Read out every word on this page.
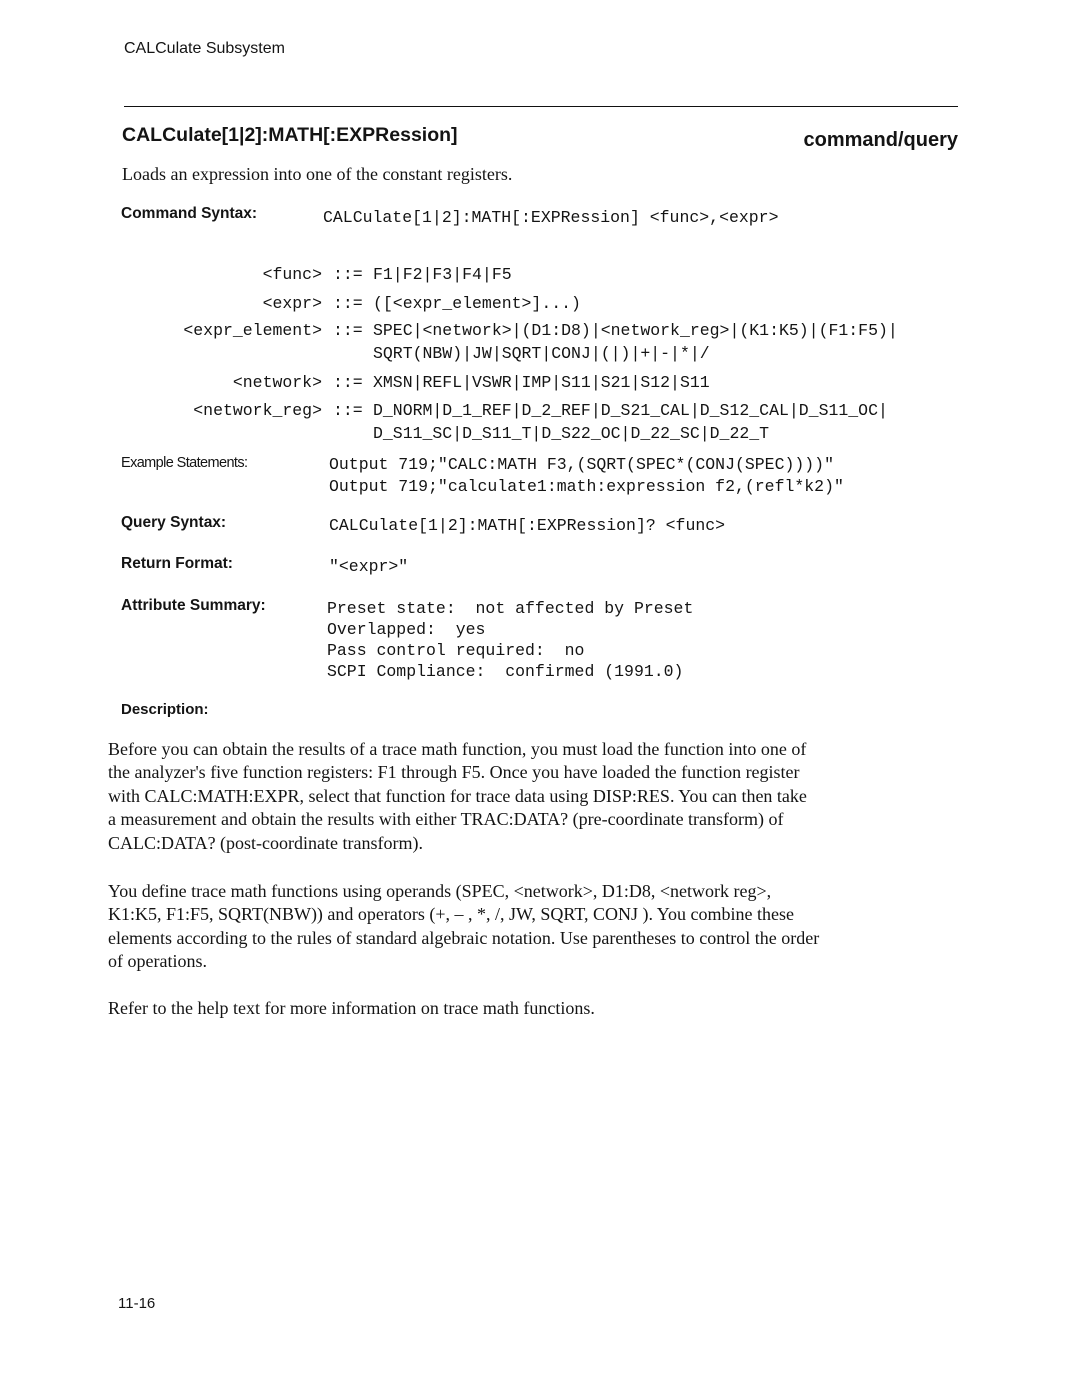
CALCulate Subsystem
CALCulate[1|2]:MATH[:EXPRession]	command/query
Loads an expression into one of the constant registers.
Command Syntax:	CALCulate[1|2]:MATH[:EXPRession] <func>,<expr>
<func> ::= F1|F2|F3|F4|F5
<expr> ::= ([<expr_element>]...)
<expr_element> ::= SPEC|<network>|(D1:D8)|<network_reg>|(K1:K5)|(F1:F5)|
SQRT(NBW)|JW|SQRT|CONJ|(|)|+|-|*|/
<network> ::= XMSN|REFL|VSWR|IMP|S11|S21|S12|S11
<network_reg> ::= D_NORM|D_1_REF|D_2_REF|D_S21_CAL|D_S12_CAL|D_S11_OC|
D_S11_SC|D_S11_T|D_S22_OC|D_22_SC|D_22_T
Example Statements:	Output 719;"CALC:MATH F3,(SQRT(SPEC*(CONJ(SPEC))))"
Output 719;"calculate1:math:expression f2,(refl*k2)"
Query Syntax:	CALCulate[1|2]:MATH[:EXPRession]? <func>
Return Format:	"<expr>"
Attribute Summary:	Preset state:  not affected by Preset
Overlapped:  yes
Pass control required:  no
SCPI Compliance:  confirmed (1991.0)
Description:

Before you can obtain the results of a trace math function, you must load the function into one of

the analyzer's five function registers: F1 through F5. Once you have loaded the function register

with CALC:MATH:EXPR, select that function for trace data using DISP:RES. You can then take

a measurement and obtain the results with either TRAC:DATA? (pre-coordinate transform) of

CALC:DATA? (post-coordinate transform).

You define trace math functions using operands (SPEC, <network>, D1:D8, <network reg>,

K1:K5, F1:F5, SQRT(NBW)) and operators (+, – , *, /, JW, SQRT, CONJ ). You combine these

elements according to the rules of standard algebraic notation. Use parentheses to control the order

of operations.

Refer to the help text for more information on trace math functions.

11-16
